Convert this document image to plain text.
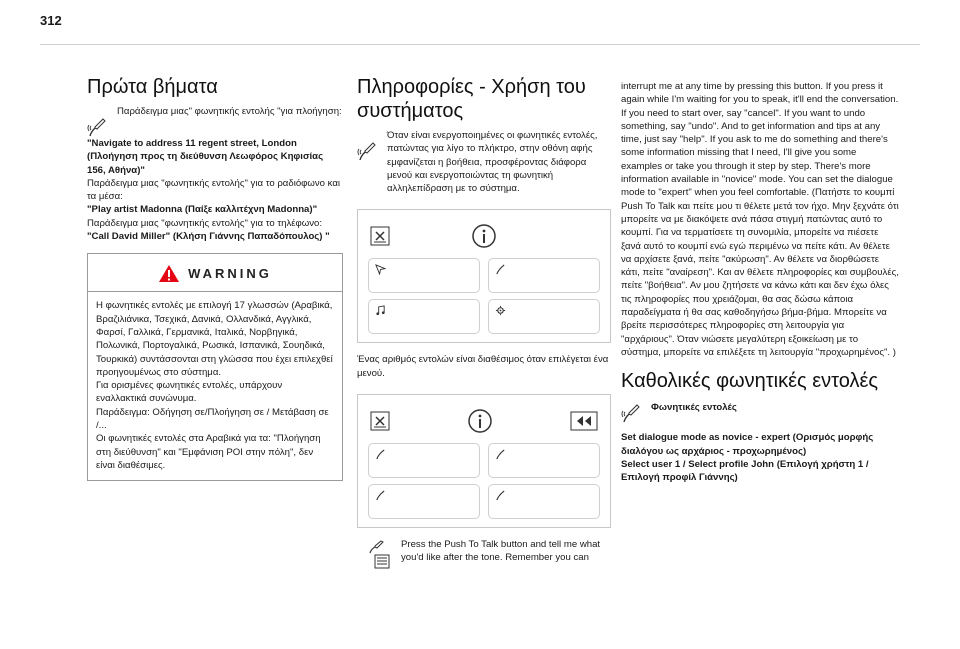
312
Πρώτα βήματα
Παράδειγμα μιας" φωνητικής εντολής "για πλοήγηση:
"Navigate to address 11 regent street, London (Πλοήγηση προς τη διεύθυνση Λεωφόρος Κηφισίας 156, Αθήνα)"
Παράδειγμα μιας "φωνητικής εντολής" για το ραδιόφωνο και τα μέσα:
"Play artist Madonna (Παίξε καλλιτέχνη Madonna)"
Παράδειγμα μιας "φωνητικής εντολής" για το τηλέφωνο:
"Call David Miller" (Κλήση Γιάννης Παπαδόπουλος) "
WARNING
Η φωνητικές εντολές με επιλογή 17 γλωσσών (Αραβικά, Βραζιλιάνικα, Τσεχικά, Δανικά, Ολλανδικά, Αγγλικά, Φαρσί, Γαλλικά, Γερμανικά, Ιταλικά, Νορβηγικά, Πολωνικά, Πορτογαλικά, Ρωσικά, Ισπανικά, Σουηδικά, Τουρκικά) συντάσσονται στη γλώσσα που έχει επιλεχθεί προηγουμένως στο σύστημα.
Για ορισμένες φωνητικές εντολές, υπάρχουν εναλλακτικά συνώνυμα.
Παράδειγμα: Οδήγηση σε/Πλοήγηση σε / Μετάβαση σε /...
Οι φωνητικές εντολές στα Αραβικά για τα: "Πλοήγηση στη διεύθυνση" και "Εμφάνιση POI στην πόλη", δεν είναι διαθέσιμες.
Πληροφορίες - Χρήση του συστήματος
Όταν είναι ενεργοποιημένες οι φωνητικές εντολές, πατώντας για λίγο το πλήκτρο, στην οθόνη αφής εμφανίζεται η βοήθεια, προσφέροντας διάφορα μενού και ενεργοποιώντας τη φωνητική αλληλεπίδραση με το σύστημα.
Ένας αριθμός εντολών είναι διαθέσιμος όταν επιλέγεται ένα μενού.
Press the Push To Talk button and tell me what you'd like after the tone. Remember you can
interrupt me at any time by pressing this button. If you press it again while I'm waiting for you to speak, it'll end the conversation. If you need to start over, say "cancel". If you want to undo something, say "undo". And to get information and tips at any time, just say "help". If you ask to me do something and there's some information missing that I need, I'll give you some examples or take you through it step by step. There's more information available in "novice" mode. You can set the dialogue mode to "expert" when you feel comfortable. (Πατήστε το κουμπί Push To Talk και πείτε μου τι θέλετε μετά τον ήχο. Μην ξεχνάτε ότι μπορείτε να με διακόψετε ανά πάσα στιγμή πατώντας αυτό το κουμπί. Για να τερματίσετε τη συνομιλία, μπορείτε να πιέσετε ξανά αυτό το κουμπί ενώ εγώ περιμένω να πείτε κάτι. Αν θέλετε να αρχίσετε ξανά, πείτε "ακύρωση". Αν θέλετε να διορθώσετε κάτι, πείτε "αναίρεση". Και αν θέλετε πληροφορίες και συμβουλές, πείτε "βοήθεια". Αν μου ζητήσετε να κάνω κάτι και δεν έχω όλες τις πληροφορίες που χρειάζομαι, θα σας δώσω κάποια παραδείγματα ή θα σας καθοδηγήσω βήμα-βήμα. Μπορείτε να βρείτε περισσότερες πληροφορίες στη λειτουργία για "αρχάριους". Όταν νιώσετε μεγαλύτερη εξοικείωση με το σύστημα, μπορείτε να επιλέξετε τη λειτουργία "προχωρημένος". )
Καθολικές φωνητικές εντολές
Φωνητικές εντολές
Set dialogue mode as novice - expert (Ορισμός μορφής διαλόγου ως αρχάριος - προχωρημένος)
Select user 1 / Select profile John (Επιλογή χρήστη 1 / Επιλογή προφίλ Γιάννης)
